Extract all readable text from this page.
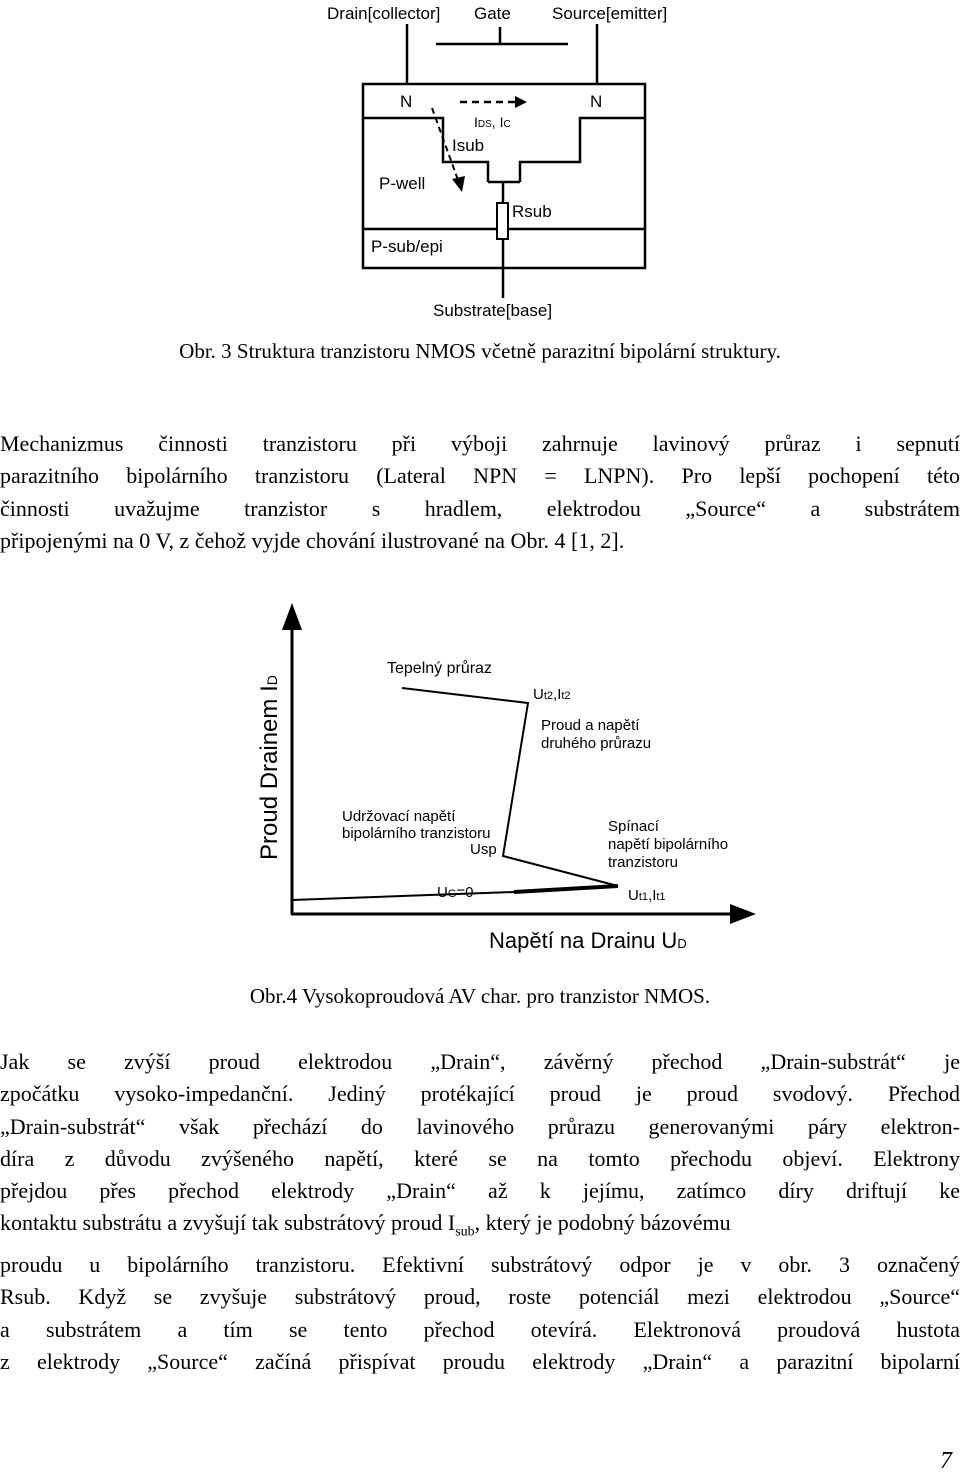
Drain[collector] Gate Source[emitter]
N	N
IDS, IC
Isub
P-well
Rsub
P-sub/epi
Substrate[base]
Obr. 3 Struktura tranzistoru NMOS včetně parazitní bipolární struktury.
Mechanizmus činnosti tranzistoru při výboji zahrnuje lavinový průraz i sepnutí
parazitního bipolárního tranzistoru (Lateral NPN = LNPN). Pro lepší pochopení této
činnosti uvažujme tranzistor s hradlem, elektrodou „Source“ a substrátem
připojenými na 0 V, z čehož vyjde chování ilustrované na Obr. 4 [1, 2].
Proud Drainem ID
Napětí na Drainu UD
Tepelný průraz
Ut2,It2
Proud a napětí
druhého průrazu
Udržovací napětí
bipolárního tranzistoru
Usp
Spínací
napětí bipolárního
tranzistoru
UG=0	Ut1,It1
Obr.4 Vysokoproudová AV char. pro tranzistor NMOS.
Jak se zvýší proud elektrodou „Drain“, závěrný přechod „Drain-substrát“ je
zpočátku vysoko-impedanční. Jediný protékající proud je proud svodový. Přechod
„Drain-substrát“ však přechází do lavinového průrazu generovanými páry elektron-
díra z důvodu zvýšeného napětí, které se na tomto přechodu objeví. Elektrony
přejdou přes přechod elektrody „Drain“ až k jejímu, zatímco díry driftují ke
kontaktu substrátu a zvyšují tak substrátový proud $I_{sub}$, který je podobný bázovému
proudu u bipolárního tranzistoru. Efektivní substrátový odpor je v obr. 3 označený
Rsub. Když se zvyšuje substrátový proud, roste potenciál mezi elektrodou „Source“
a substrátem a tím se tento přechod otevírá. Elektronová proudová hustota
z elektrody „Source“ začíná přispívat proudu elektrody „Drain“ a parazitní bipolarní
7
